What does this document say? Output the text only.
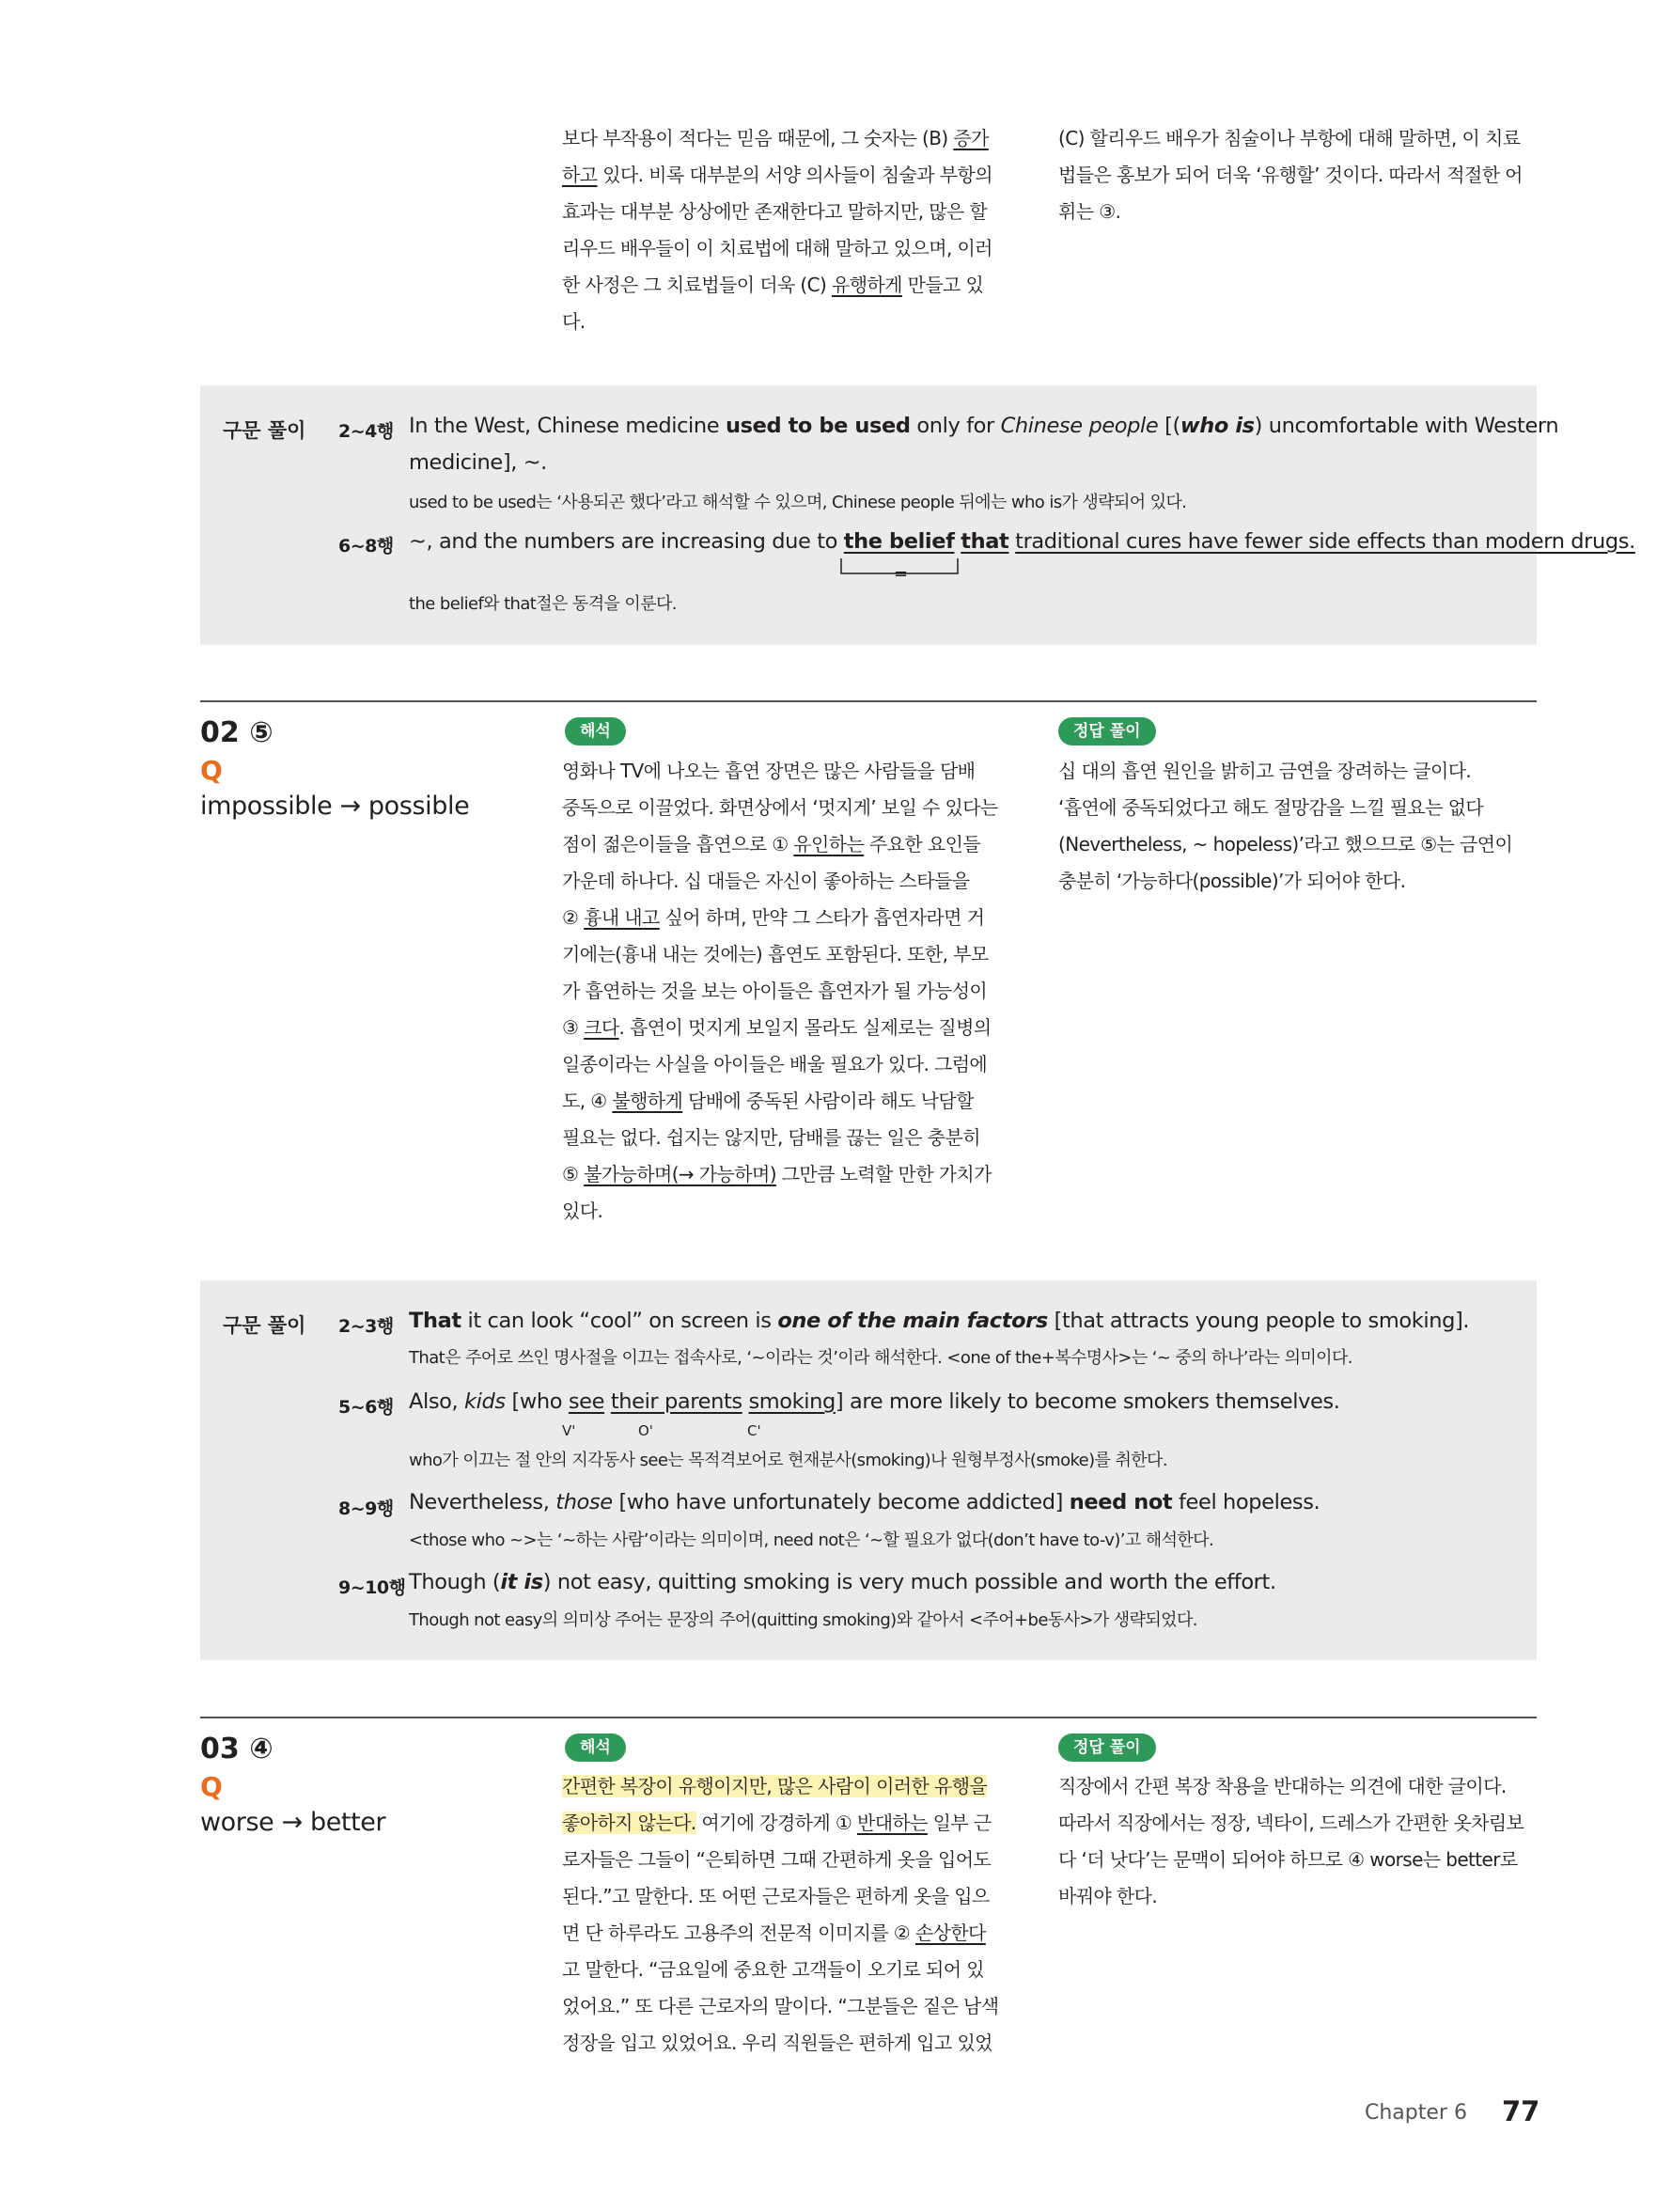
보다 부작용이 적다는 믿음 때문에, 그 숫자는 (B) 증가

하고 있다. 비록 대부분의 서양 의사들이 침술과 부항의

효과는 대부분 상상에만 존재한다고 말하지만, 많은 할

리우드 배우들이 이 치료법에 대해 말하고 있으며, 이러

한 사정은 그 치료법들이 더욱 (C) 유행하게 만들고 있

다.

(C) 할리우드 배우가 침술이나 부항에 대해 말하면, 이 치료

법들은 홍보가 되어 더욱 ‘유행할’ 것이다. 따라서 적절한 어

휘는 ③.

구문 풀이 2~4행 In the West, Chinese medicine used to be used only for Chinese people [(who is) uncomfortable with Western
medicine], ~.
used to be used는 ‘사용되곤 했다’라고 해석할 수 있으며, Chinese people 뒤에는 who is가 생략되어 있다.
6~8행 ~, and the numbers are increasing due to the belief that traditional cures have fewer side effects than modern drugs.
=
the belief와 that절은 동격을 이룬다.
02 ⑤
Q
impossible → possible
해석	정답 풀이

영화나 TV에 나오는 흡연 장면은 많은 사람들을 담배

중독으로 이끌었다. 화면상에서 ‘멋지게’ 보일 수 있다는

점이 젊은이들을 흡연으로 ① 유인하는 주요한 요인들

가운데 하나다. 십 대들은 자신이 좋아하는 스타들을

② 흉내 내고 싶어 하며, 만약 그 스타가 흡연자라면 거

기에는(흉내 내는 것에는) 흡연도 포함된다. 또한, 부모

가 흡연하는 것을 보는 아이들은 흡연자가 될 가능성이

③ 크다. 흡연이 멋지게 보일지 몰라도 실제로는 질병의

일종이라는 사실을 아이들은 배울 필요가 있다. 그럼에

도, ④ 불행하게 담배에 중독된 사람이라 해도 낙담할

필요는 없다. 쉽지는 않지만, 담배를 끊는 일은 충분히

⑤ 불가능하며(→ 가능하며) 그만큼 노력할 만한 가치가

있다.

십 대의 흡연 원인을 밝히고 금연을 장려하는 글이다.

‘흡연에 중독되었다고 해도 절망감을 느낄 필요는 없다

(Nevertheless, ~ hopeless)’라고 했으므로 ⑤는 금연이

충분히 ‘가능하다(possible)’가 되어야 한다.

구문 풀이 2~3행 That it can look “cool” on screen is one of the main factors [that attracts young people to smoking].
That은 주어로 쓰인 명사절을 이끄는 접속사로, ‘~이라는 것’이라 해석한다. <one of the+복수명사>는 ‘~ 중의 하나’라는 의미이다.
5~6행 Also, kids [who see their parents smoking] are more likely to become smokers themselves.
V'	O'	C'
who가 이끄는 절 안의 지각동사 see는 목적격보어로 현재분사(smoking)나 원형부정사(smoke)를 취한다.
8~9행 Nevertheless, those [who have unfortunately become addicted] need not feel hopeless.
<those who ~>는 ‘~하는 사람’이라는 의미이며, need not은 ‘~할 필요가 없다(don’t have to-v)’고 해석한다.
9~10행 Though (it is) not easy, quitting smoking is very much possible and worth the effort.
Though not easy의 의미상 주어는 문장의 주어(quitting smoking)와 같아서 <주어+be동사>가 생략되었다.
03 ④
Q
worse → better
해석	정답 풀이

간편한 복장이 유행이지만, 많은 사람이 이러한 유행을

좋아하지 않는다. 여기에 강경하게 ① 반대하는 일부 근

로자들은 그들이 “은퇴하면 그때 간편하게 옷을 입어도

된다.”고 말한다. 또 어떤 근로자들은 편하게 옷을 입으

면 단 하루라도 고용주의 전문적 이미지를 ② 손상한다

고 말한다. “금요일에 중요한 고객들이 오기로 되어 있

었어요.” 또 다른 근로자의 말이다. “그분들은 짙은 남색

정장을 입고 있었어요. 우리 직원들은 편하게 입고 있었

직장에서 간편 복장 착용을 반대하는 의견에 대한 글이다.

따라서 직장에서는 정장, 넥타이, 드레스가 간편한 옷차림보

다 ‘더 낫다’는 문맥이 되어야 하므로 ④ worse는 better로

바꿔야 한다.

Chapter 6 77
